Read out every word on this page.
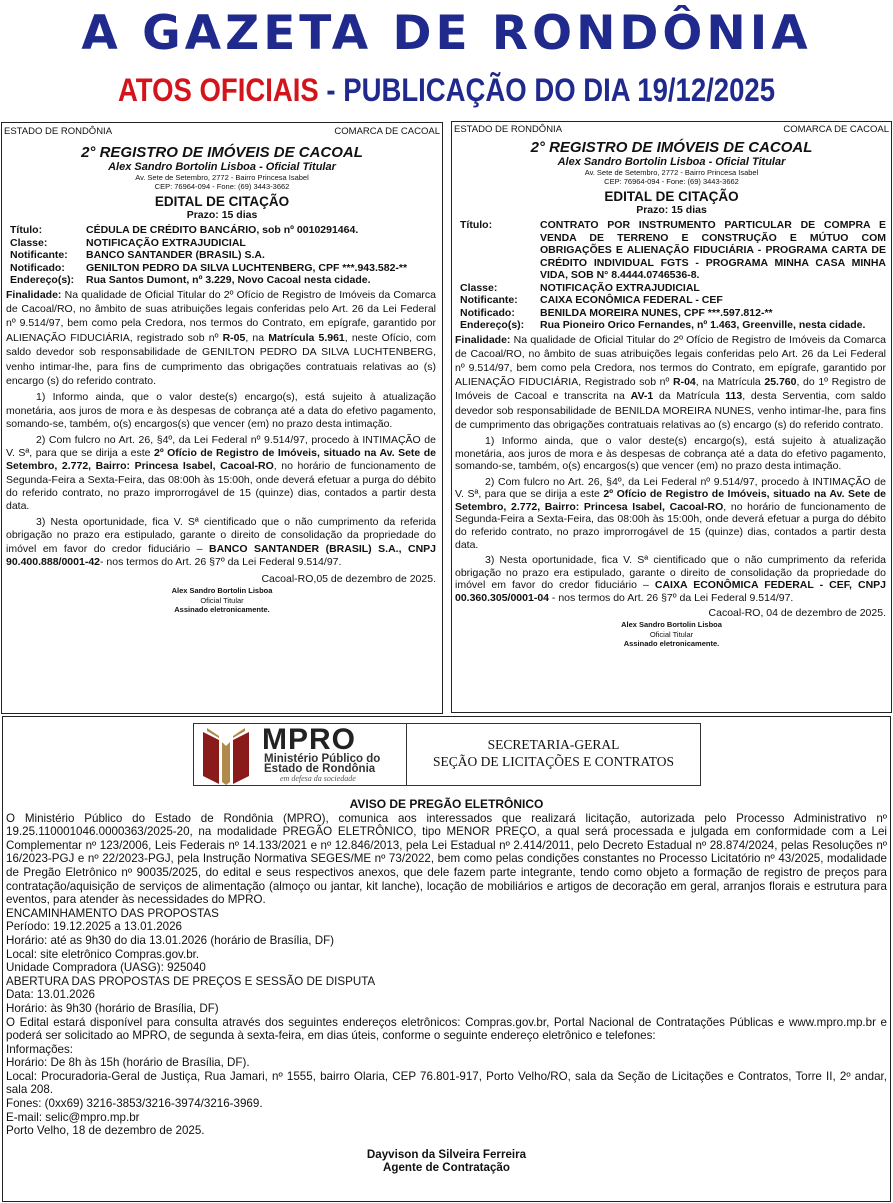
A GAZETA DE RONDÔNIA
ATOS OFICIAIS - PUBLICAÇÃO DO DIA 19/12/2025
ESTADO DE RONDÔNIA	COMARCA DE CACOAL
2° REGISTRO DE IMÓVEIS DE CACOAL
Alex Sandro Bortolin Lisboa - Oficial Titular
Av. Sete de Setembro, 2772 - Bairro Princesa Isabel
CEP: 76964-094 - Fone: (69) 3443-3662
EDITAL DE CITAÇÃO
Prazo: 15 dias
Título:	CÉDULA DE CRÉDITO BANCÁRIO, sob nº 0010291464.
Classe:	NOTIFICAÇÃO EXTRAJUDICIAL
Notificante:	BANCO SANTANDER (BRASIL) S.A.
Notificado:	GENILTON PEDRO DA SILVA LUCHTENBERG, CPF ***.943.582-**
Endereço(s):	Rua Santos Dumont, nº 3.229, Novo Cacoal nesta cidade.

Finalidade: Na qualidade de Oficial Titular do 2º Ofício de Registro de Imóveis da Comarca de Cacoal/RO, no âmbito de suas atribuições legais conferidas pelo Art. 26 da Lei Federal nº 9.514/97, bem como pela Credora, nos termos do Contrato, em epígrafe, garantido por ALIENAÇÃO FIDUCIÁRIA, registrado sob nº R-05, na Matrícula 5.961, neste Ofício, com saldo devedor sob responsabilidade de GENILTON PEDRO DA SILVA LUCHTENBERG, venho intimar-lhe, para fins de cumprimento das obrigações contratuais relativas ao (s) encargo (s) do referido contrato.

1) Informo ainda, que o valor deste(s) encargo(s), está sujeito à atualização monetária, aos juros de mora e às despesas de cobrança até a data do efetivo pagamento, somando-se, também, o(s) encargos(s) que vencer (em) no prazo desta intimação.

2) Com fulcro no Art. 26, §4º, da Lei Federal nº 9.514/97, procedo à INTIMAÇÃO de V. Sª, para que se dirija a este 2º Ofício de Registro de Imóveis, situado na Av. Sete de Setembro, 2.772, Bairro: Princesa Isabel, Cacoal-RO, no horário de funcionamento de Segunda-Feira a Sexta-Feira, das 08:00h às 15:00h, onde deverá efetuar a purga do débito do referido contrato, no prazo improrrogável de 15 (quinze) dias, contados a partir desta data.

3) Nesta oportunidade, fica V. Sª cientificado que o não cumprimento da referida obrigação no prazo era estipulado, garante o direito de consolidação da propriedade do imóvel em favor do credor fiduciário – BANCO SANTANDER (BRASIL) S.A., CNPJ 90.400.888/0001-42- nos termos do Art. 26 §7º da Lei Federal 9.514/97.

Cacoal-RO,05 de dezembro de 2025.

Alex Sandro Bortolin Lisboa
Oficial Titular
Assinado eletronicamente.
ESTADO DE RONDÔNIA	COMARCA DE CACOAL
2° REGISTRO DE IMÓVEIS DE CACOAL
Alex Sandro Bortolin Lisboa - Oficial Titular
Av. Sete de Setembro, 2772 - Bairro Princesa Isabel
CEP: 76964-094 - Fone: (69) 3443-3662
EDITAL DE CITAÇÃO
Prazo: 15 dias
Título:	CONTRATO POR INSTRUMENTO PARTICULAR DE COMPRA E VENDA DE TERRENO E CONSTRUÇÃO E MÚTUO COM OBRIGAÇÕES E ALIENAÇÃO FIDUCIÁRIA - PROGRAMA CARTA DE CRÉDITO INDIVIDUAL FGTS - PROGRAMA MINHA CASA MINHA VIDA, SOB N° 8.4444.0746536-8.
Classe:	NOTIFICAÇÃO EXTRAJUDICIAL
Notificante:	CAIXA ECONÔMICA FEDERAL - CEF
Notificado:	BENILDA MOREIRA NUNES, CPF ***.597.812-**
Endereço(s):	Rua Pioneiro Orico Fernandes, nº 1.463, Greenville, nesta cidade.

Finalidade: Na qualidade de Oficial Titular do 2º Ofício de Registro de Imóveis da Comarca de Cacoal/RO, no âmbito de suas atribuições legais conferidas pelo Art. 26 da Lei Federal nº 9.514/97, bem como pela Credora, nos termos do Contrato, em epígrafe, garantido por ALIENAÇÃO FIDUCIÁRIA, Registrado sob nº R-04, na Matrícula 25.760, do 1º Registro de Imóveis de Cacoal e transcrita na AV-1 da Matrícula 113, desta Serventia, com saldo devedor sob responsabilidade de BENILDA MOREIRA NUNES, venho intimar-lhe, para fins de cumprimento das obrigações contratuais relativas ao (s) encargo (s) do referido contrato.

1) Informo ainda, que o valor deste(s) encargo(s), está sujeito à atualização monetária, aos juros de mora e às despesas de cobrança até a data do efetivo pagamento, somando-se, também, o(s) encargos(s) que vencer (em) no prazo desta intimação.

2) Com fulcro no Art. 26, §4º, da Lei Federal nº 9.514/97, procedo à INTIMAÇÃO de V. Sª, para que se dirija a este 2º Ofício de Registro de Imóveis, situado na Av. Sete de Setembro, 2.772, Bairro: Princesa Isabel, Cacoal-RO, no horário de funcionamento de Segunda-Feira a Sexta-Feira, das 08:00h às 15:00h, onde deverá efetuar a purga do débito do referido contrato, no prazo improrrogável de 15 (quinze) dias, contados a partir desta data.

3) Nesta oportunidade, fica V. Sª cientificado que o não cumprimento da referida obrigação no prazo era estipulado, garante o direito de consolidação da propriedade do imóvel em favor do credor fiduciário – CAIXA ECONÔMICA FEDERAL - CEF, CNPJ 00.360.305/0001-04 - nos termos do Art. 26 §7º da Lei Federal 9.514/97.

Cacoal-RO, 04 de dezembro de 2025.

Alex Sandro Bortolin Lisboa
Oficial Titular
Assinado eletronicamente.
MPRO
Ministério Público do
Estado de Rondônia
em defesa da sociedade
SECRETARIA-GERAL
SEÇÃO DE LICITAÇÕES E CONTRATOS

AVISO DE PREGÃO ELETRÔNICO

O Ministério Público do Estado de Rondônia (MPRO), comunica aos interessados que realizará licitação, autorizada pelo Processo Administrativo nº 19.25.110001046.0000363/2025-20, na modalidade PREGÃO ELETRÔNICO, tipo MENOR PREÇO, a qual será processada e julgada em conformidade com a Lei Complementar nº 123/2006, Leis Federais nº 14.133/2021 e nº 12.846/2013, pela Lei Estadual nº 2.414/2011, pelo Decreto Estadual nº 28.874/2024, pelas Resoluções nº 16/2023-PGJ e nº 22/2023-PGJ, pela Instrução Normativa SEGES/ME nº 73/2022, bem como pelas condições constantes no Processo Licitatório nº 43/2025, modalidade de Pregão Eletrônico nº 90035/2025, do edital e seus respectivos anexos, que dele fazem parte integrante, tendo como objeto a formação de registro de preços para contratação/aquisição de serviços de alimentação (almoço ou jantar, kit lanche), locação de mobiliários e artigos de decoração em geral, arranjos florais e estrutura para eventos, para atender às necessidades do MPRO.

ENCAMINHAMENTO DAS PROPOSTAS

Período: 19.12.2025 a 13.01.2026

Horário: até as 9h30 do dia 13.01.2026 (horário de Brasília, DF)

Local: site eletrônico Compras.gov.br.

Unidade Compradora (UASG): 925040

ABERTURA DAS PROPOSTAS DE PREÇOS E SESSÃO DE DISPUTA

Data: 13.01.2026

Horário: às 9h30 (horário de Brasília, DF)

O Edital estará disponível para consulta através dos seguintes endereços eletrônicos: Compras.gov.br, Portal Nacional de Contratações Públicas e www.mpro.mp.br e poderá ser solicitado ao MPRO, de segunda à sexta-feira, em dias úteis, conforme o seguinte endereço eletrônico e telefones:

Informações:

Horário: De 8h às 15h (horário de Brasília, DF).

Local: Procuradoria-Geral de Justiça, Rua Jamari, nº 1555, bairro Olaria, CEP 76.801-917, Porto Velho/RO, sala da Seção de Licitações e Contratos, Torre II, 2º andar, sala 208.

Fones: (0xx69) 3216-3853/3216-3974/3216-3969.

E-mail: selic@mpro.mp.br

Porto Velho, 18 de dezembro de 2025.

Dayvison da Silveira Ferreira

Agente de Contratação
